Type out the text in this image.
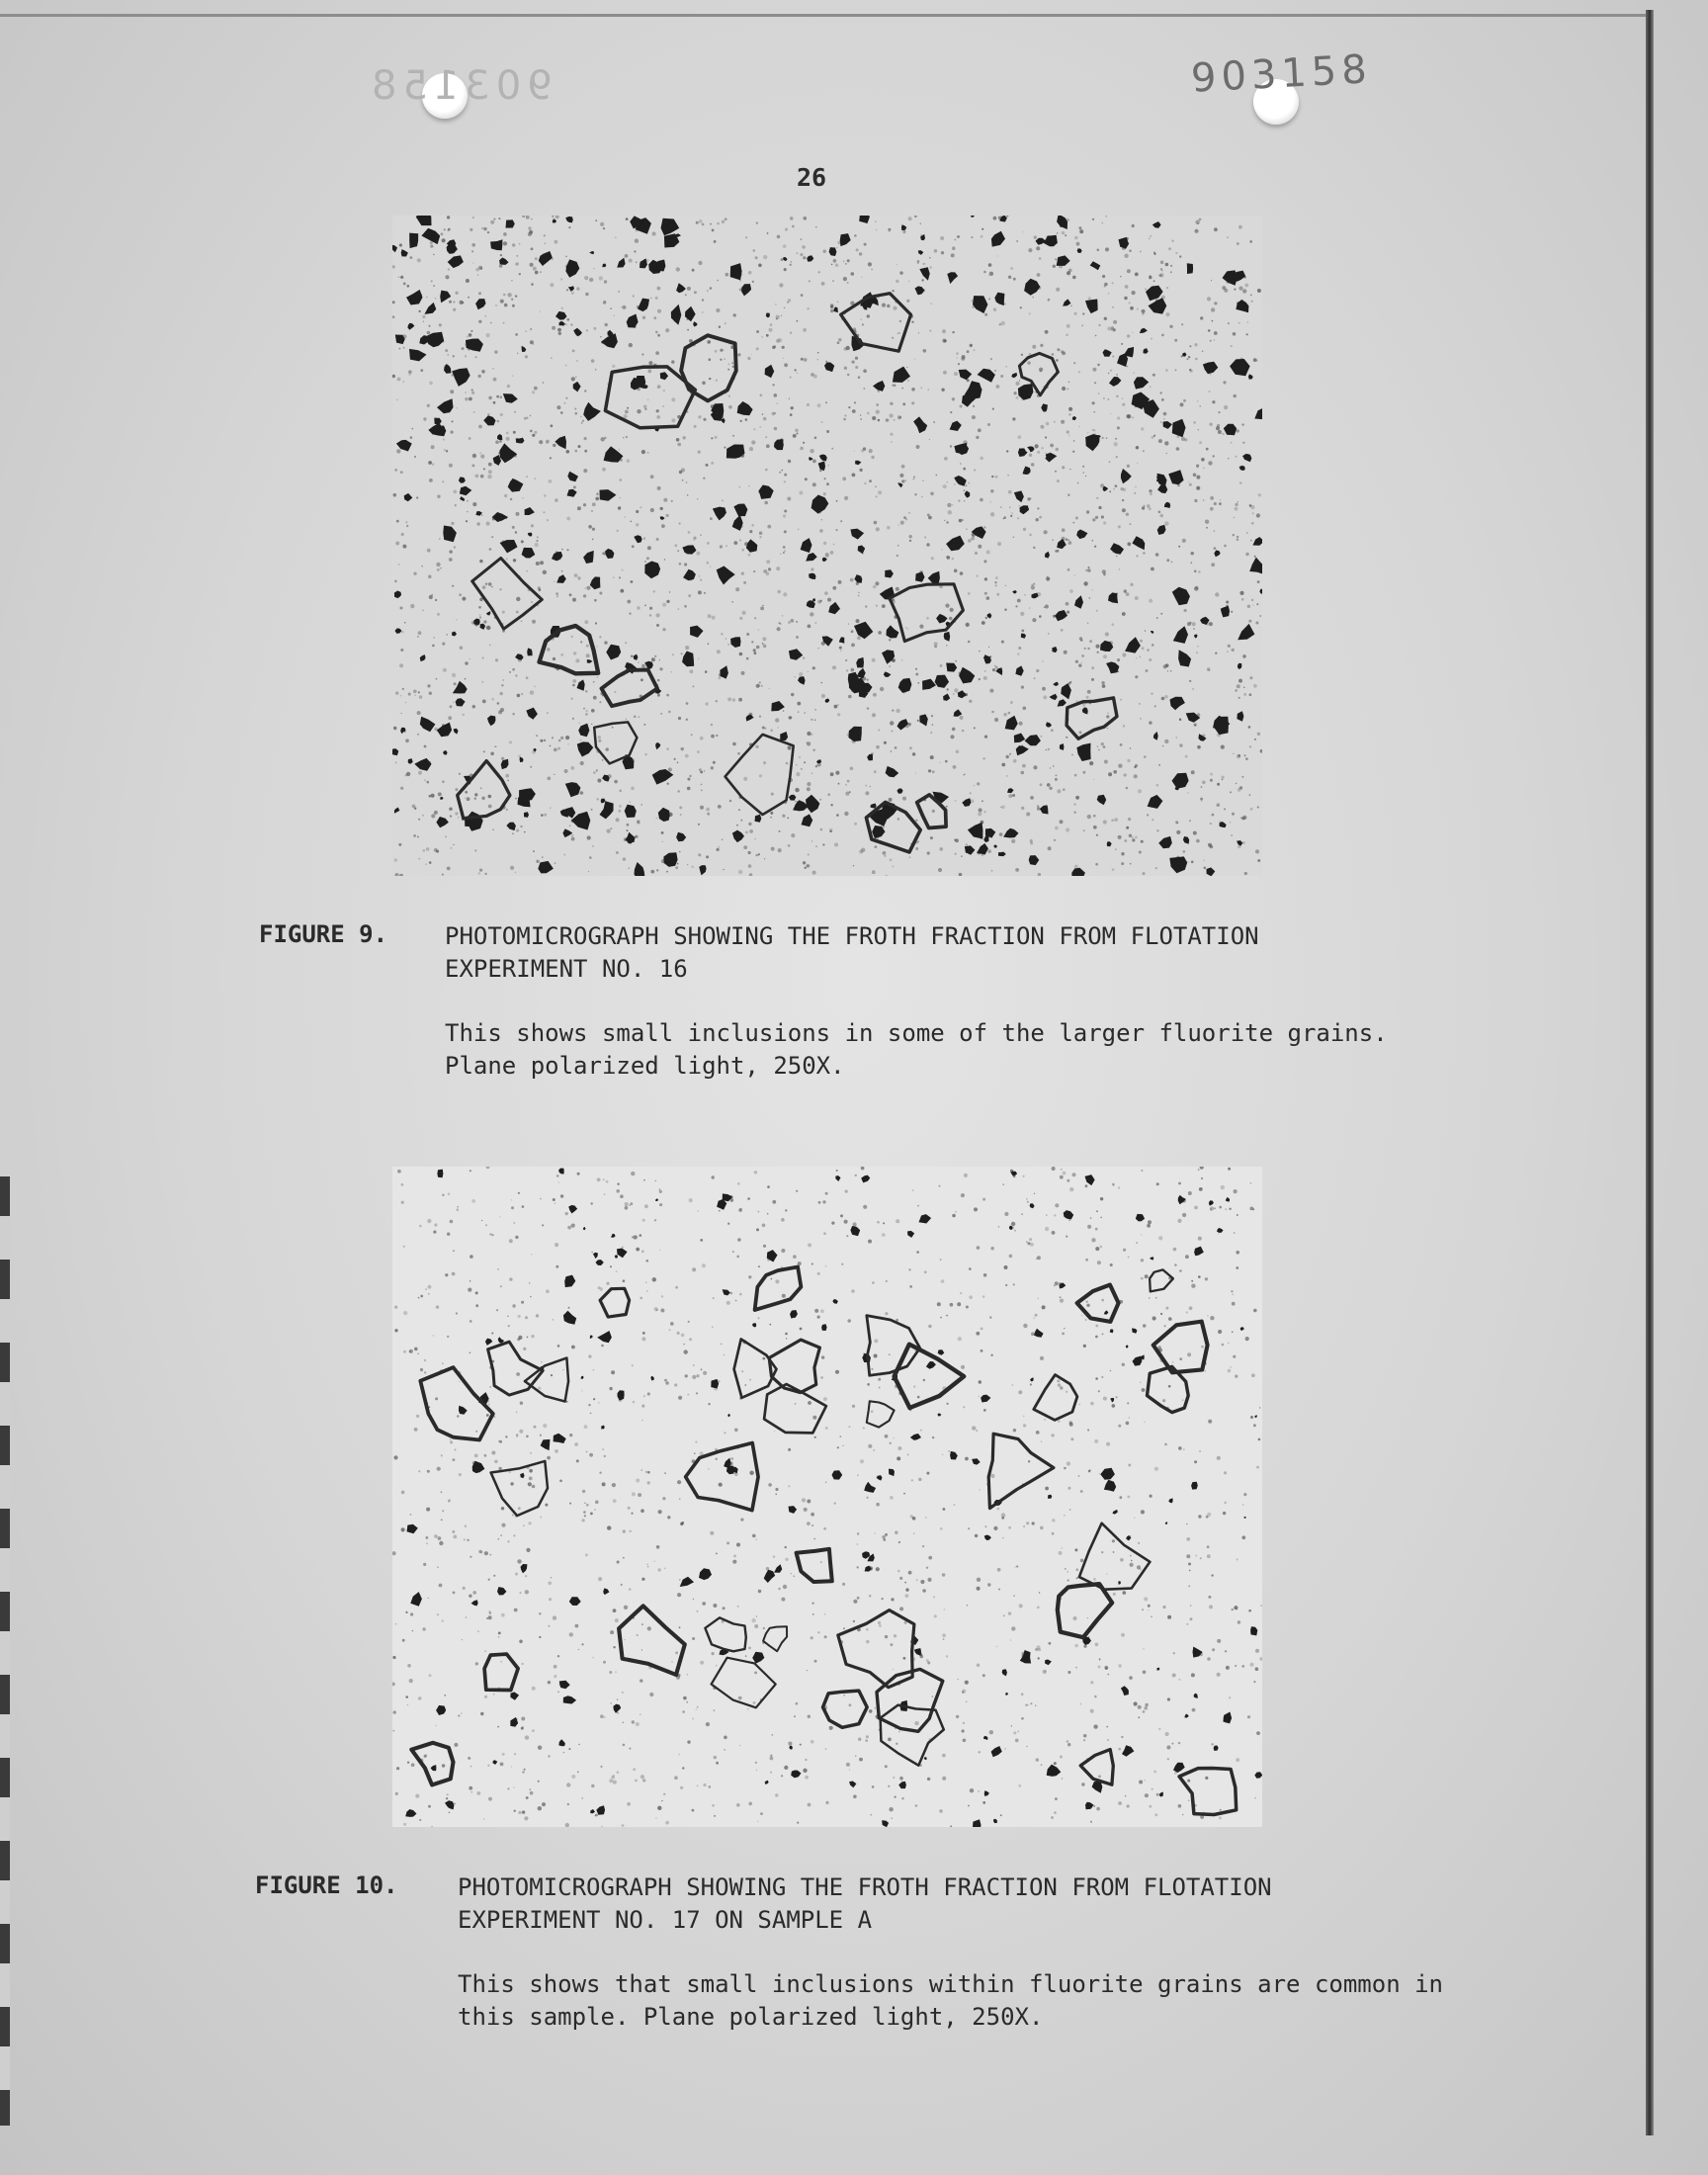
903158	903158
26
FIGURE 9. PHOTOMICROGRAPH SHOWING THE FROTH FRACTION FROM FLOTATION EXPERIMENT NO. 16
This shows small inclusions in some of the larger fluorite grains. Plane polarized light, 250X.
FIGURE 10.	PHOTOMICROGRAPH SHOWING THE FROTH FRACTION FROM FLOTATION EXPERIMENT NO. 17 ON SAMPLE A
This shows that small inclusions within fluorite grains are common in this sample. Plane polarized light, 250X.
